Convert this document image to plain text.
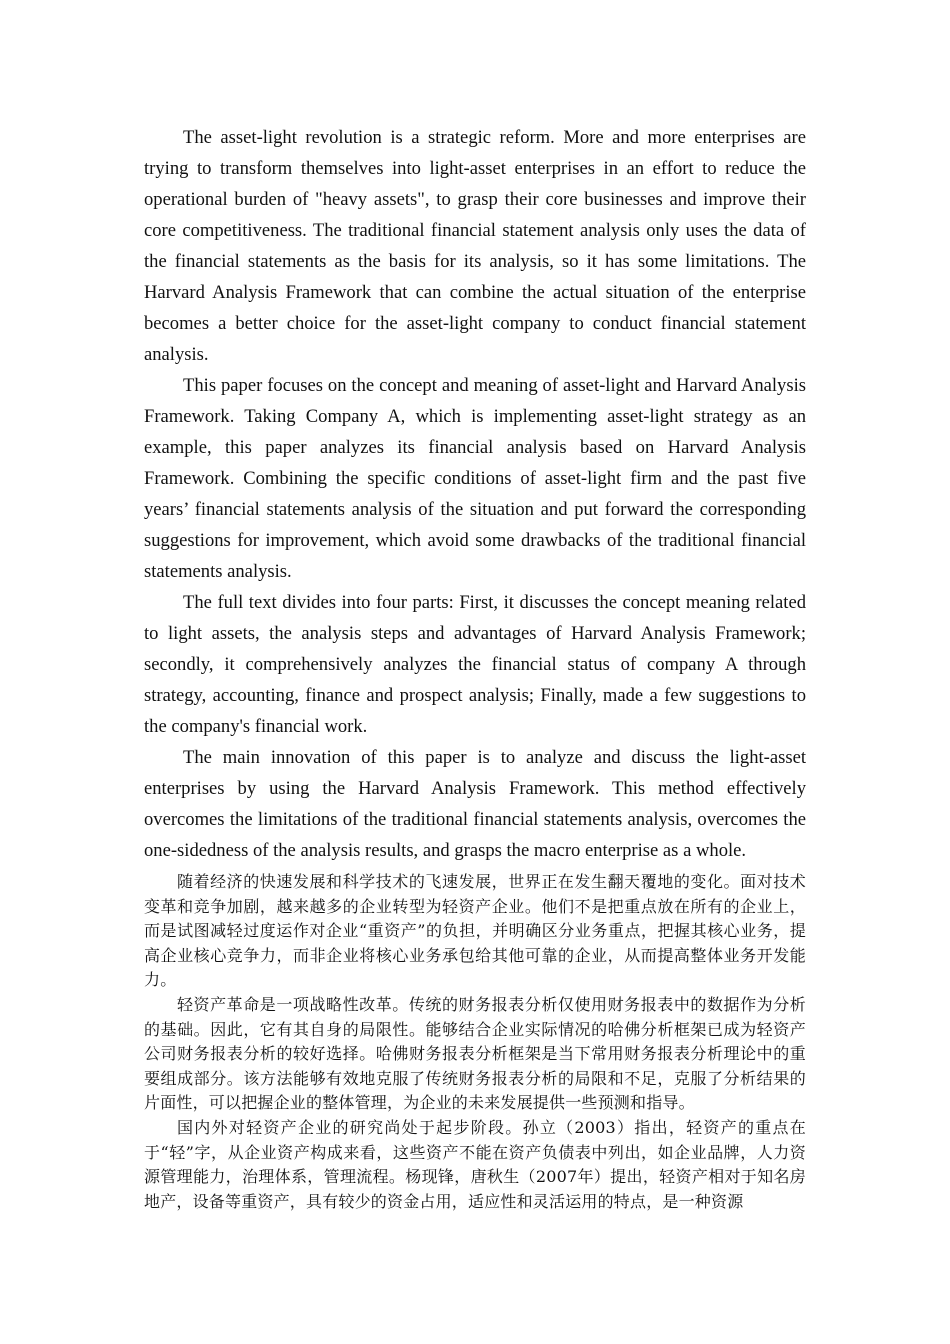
The asset-light revolution is a strategic reform. More and more enterprises are trying to transform themselves into light-asset enterprises in an effort to reduce the operational burden of "heavy assets", to grasp their core businesses and improve their core competitiveness. The traditional financial statement analysis only uses the data of the financial statements as the basis for its analysis, so it has some limitations. The Harvard Analysis Framework that can combine the actual situation of the enterprise becomes a better choice for the asset-light company to conduct financial statement analysis.

This paper focuses on the concept and meaning of asset-light and Harvard Analysis Framework. Taking Company A, which is implementing asset-light strategy as an example, this paper analyzes its financial analysis based on Harvard Analysis Framework. Combining the specific conditions of asset-light firm and the past five years’ financial statements analysis of the situation and put forward the corresponding suggestions for improvement, which avoid some drawbacks of the traditional financial statements analysis.

The full text divides into four parts: First, it discusses the concept meaning related to light assets, the analysis steps and advantages of Harvard Analysis Framework; secondly, it comprehensively analyzes the financial status of company A through strategy, accounting, finance and prospect analysis; Finally, made a few suggestions to the company's financial work.

The main innovation of this paper is to analyze and discuss the light-asset enterprises by using the Harvard Analysis Framework. This method effectively overcomes the limitations of the traditional financial statements analysis, overcomes the one-sidedness of the analysis results, and grasps the macro enterprise as a whole.

随着经济的快速发展和科学技术的飞速发展，世界正在发生翻天覆地的变化。面对技术变革和竞争加剧，越来越多的企业转型为轻资产企业。他们不是把重点放在所有的企业上，而是试图减轻过度运作对企业“重资产”的负担，并明确区分业务重点，把握其核心业务，提高企业核心竞争力，而非企业将核心业务承包给其他可靠的企业，从而提高整体业务开发能力。

轻资产革命是一项战略性改革。传统的财务报表分析仅使用财务报表中的数据作为分析的基础。因此，它有其自身的局限性。能够结合企业实际情况的哈佛分析框架已成为轻资产公司财务报表分析的较好选择。哈佛财务报表分析框架是当下常用财务报表分析理论中的重要组成部分。该方法能够有效地克服了传统财务报表分析的局限和不足，克服了分析结果的片面性，可以把握企业的整体管理，为企业的未来发展提供一些预测和指导。

国内外对轻资产企业的研究尚处于起步阶段。孙立（2003）指出，轻资产的重点在于“轻”字，从企业资产构成来看，这些资产不能在资产负债表中列出，如企业品牌，人力资源管理能力，治理体系，管理流程。杨现锋，唐秋生（2007年）提出，轻资产相对于知名房地产，设备等重资产，具有较少的资金占用，适应性和灵活运用的特点，是一种资源
